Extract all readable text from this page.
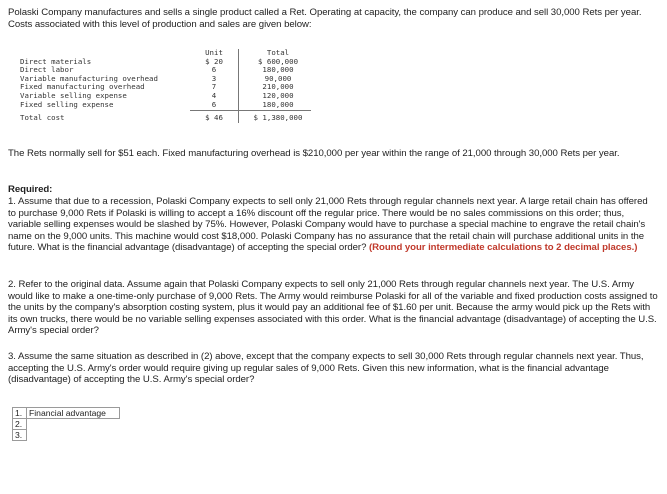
Polaski Company manufactures and sells a single product called a Ret. Operating at capacity, the company can produce and sell 30,000 Rets per year. Costs associated with this level of production and sales are given below:

	Unit	Total
Direct materials	$ 20	$ 600,000
Direct labor	6	180,000
Variable manufacturing overhead	3	90,000
Fixed manufacturing overhead	7	210,000
Variable selling expense	4	120,000
Fixed selling expense	6	180,000
Total cost	$ 46	$ 1,380,000

The Rets normally sell for $51 each. Fixed manufacturing overhead is $210,000 per year within the range of 21,000 through 30,000 Rets per year.

Required:

1. Assume that due to a recession, Polaski Company expects to sell only 21,000 Rets through regular channels next year. A large retail chain has offered to purchase 9,000 Rets if Polaski is willing to accept a 16% discount off the regular price. There would be no sales commissions on this order; thus, variable selling expenses would be slashed by 75%. However, Polaski Company would have to purchase a special machine to engrave the retail chain's name on the 9,000 units. This machine would cost $18,000. Polaski Company has no assurance that the retail chain will purchase additional units in the future. What is the financial advantage (disadvantage) of accepting the special order? (Round your intermediate calculations to 2 decimal places.)

2. Refer to the original data. Assume again that Polaski Company expects to sell only 21,000 Rets through regular channels next year. The U.S. Army would like to make a one-time-only purchase of 9,000 Rets. The Army would reimburse Polaski for all of the variable and fixed production costs assigned to the units by the company's absorption costing system, plus it would pay an additional fee of $1.60 per unit. Because the army would pick up the Rets with its own trucks, there would be no variable selling expenses associated with this order. What is the financial advantage (disadvantage) of accepting the U.S. Army's special order?

3. Assume the same situation as described in (2) above, except that the company expects to sell 30,000 Rets through regular channels next year. Thus, accepting the U.S. Army's order would require giving up regular sales of 9,000 Rets. Given this new information, what is the financial advantage (disadvantage) of accepting the U.S. Army's special order?

1.	Financial advantage
2.	
3.	
